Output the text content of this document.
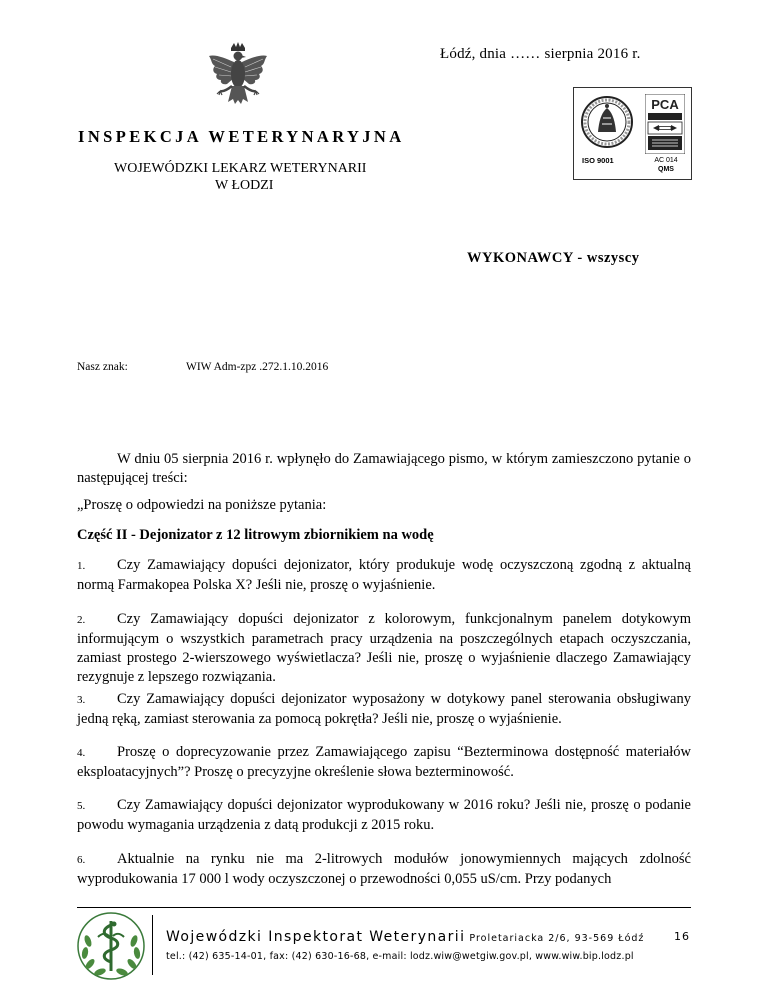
Łódź, dnia …… sierpnia 2016 r.
INSPEKCJA WETERYNARYJNA
WOJEWÓDZKI LEKARZ WETERYNARII
W ŁODZI
ISO 9001
PCA
AC 014
QMS
WYKONAWCY - wszyscy
Nasz znak:	WIW Adm-zpz .272.1.10.2016
W dniu 05 sierpnia 2016 r. wpłynęło do Zamawiającego pismo, w którym zamieszczono pytanie o następującej treści:
„Proszę o odpowiedzi na poniższe pytania:
Część II - Dejonizator z 12 litrowym zbiornikiem na wodę
1. Czy Zamawiający dopuści dejonizator, który produkuje wodę oczyszczoną zgodną z aktualną normą Farmakopea Polska X? Jeśli nie, proszę o wyjaśnienie.
2. Czy Zamawiający dopuści dejonizator z kolorowym, funkcjonalnym panelem dotykowym informującym o wszystkich parametrach pracy urządzenia na poszczególnych etapach oczyszczania, zamiast prostego 2-wierszowego wyświetlacza? Jeśli nie, proszę o wyjaśnienie dlaczego Zamawiający rezygnuje z lepszego rozwiązania.
3. Czy Zamawiający dopuści dejonizator wyposażony w dotykowy panel sterowania obsługiwany jedną ręką, zamiast sterowania za pomocą pokrętła? Jeśli nie, proszę o wyjaśnienie.
4. Proszę o doprecyzowanie przez Zamawiającego zapisu “Bezterminowa dostępność materiałów eksploatacyjnych”? Proszę o precyzyjne określenie słowa bezterminowość.
5. Czy Zamawiający dopuści dejonizator wyprodukowany w 2016 roku? Jeśli nie, proszę o podanie powodu wymagania urządzenia z datą produkcji z 2015 roku.
6. Aktualnie na rynku nie ma 2-litrowych modułów jonowymiennych mających zdolność wyprodukowania 17 000 l wody oczyszczonej o przewodności 0,055 uS/cm. Przy podanych
Wojewódzki Inspektorat Weterynarii Proletariacka 2/6, 93-569 Łódź	16
tel.: (42) 635-14-01, fax: (42) 630-16-68, e-mail: lodz.wiw@wetgiw.gov.pl, www.wiw.bip.lodz.pl
